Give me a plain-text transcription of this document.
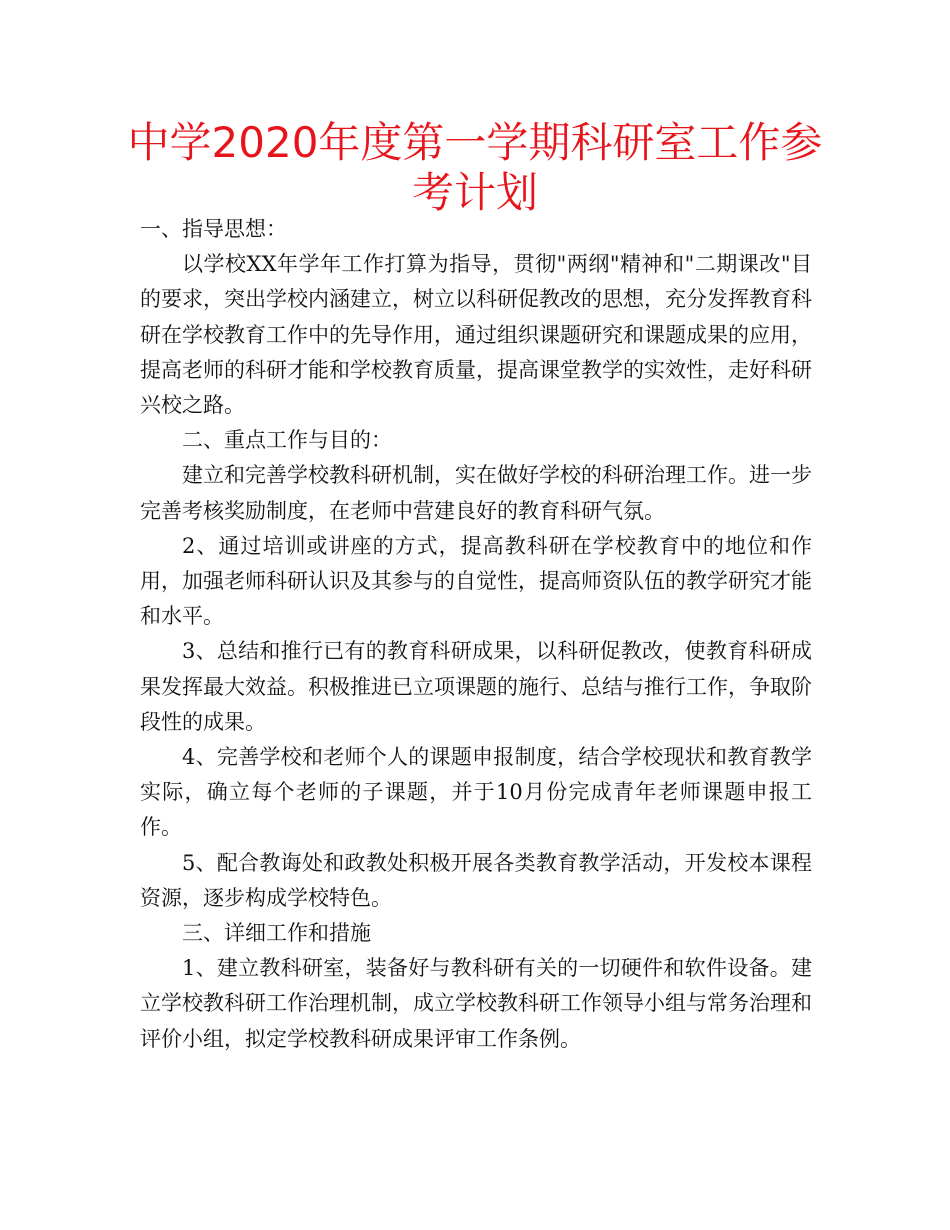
中学2020年度第一学期科研室工作参考计划

一、指导思想：

以学校XX年学年工作打算为指导，贯彻"两纲"精神和"二期课改"目的要求，突出学校内涵建立，树立以科研促教改的思想，充分发挥教育科研在学校教育工作中的先导作用，通过组织课题研究和课题成果的应用，提高老师的科研才能和学校教育质量，提高课堂教学的实效性，走好科研兴校之路。

二、重点工作与目的：

建立和完善学校教科研机制，实在做好学校的科研治理工作。进一步完善考核奖励制度，在老师中营建良好的教育科研气氛。

2、通过培训或讲座的方式，提高教科研在学校教育中的地位和作用，加强老师科研认识及其参与的自觉性，提高师资队伍的教学研究才能和水平。

3、总结和推行已有的教育科研成果，以科研促教改，使教育科研成果发挥最大效益。积极推进已立项课题的施行、总结与推行工作，争取阶段性的成果。

4、完善学校和老师个人的课题申报制度，结合学校现状和教育教学实际，确立每个老师的子课题，并于10月份完成青年老师课题申报工作。

5、配合教诲处和政教处积极开展各类教育教学活动，开发校本课程资源，逐步构成学校特色。

三、详细工作和措施

1、建立教科研室，装备好与教科研有关的一切硬件和软件设备。建立学校教科研工作治理机制，成立学校教科研工作领导小组与常务治理和评价小组，拟定学校教科研成果评审工作条例。
